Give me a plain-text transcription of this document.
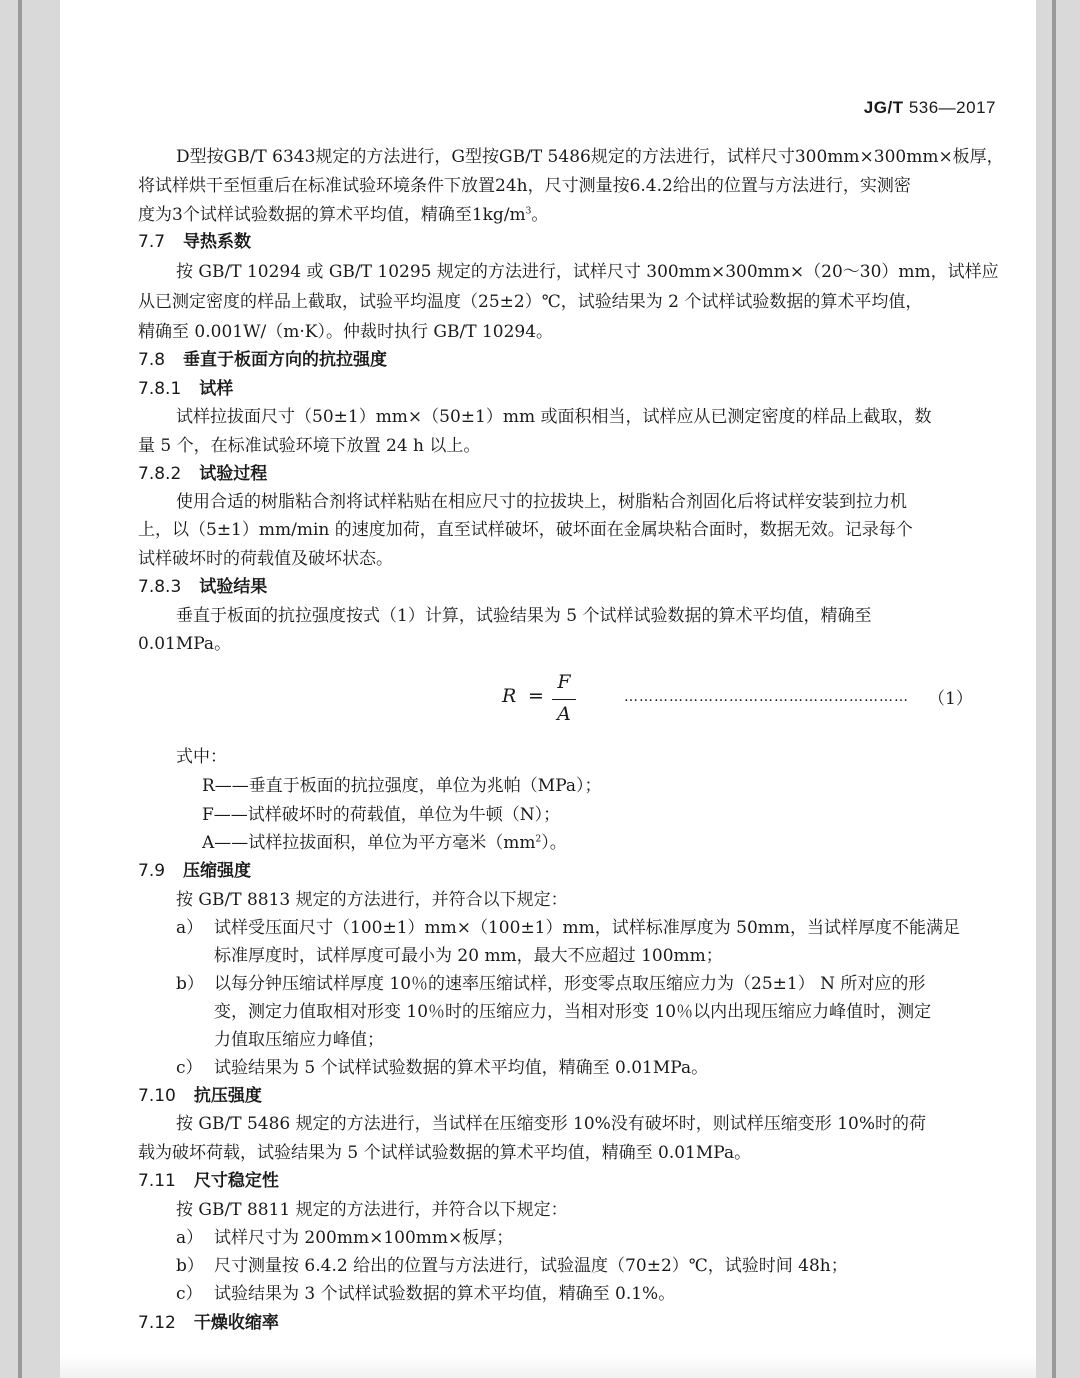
JG/T 536—2017
D型按GB/T 6343规定的方法进行，G型按GB/T 5486规定的方法进行，试样尺寸300mm×300mm×板厚，
将试样烘干至恒重后在标准试验环境条件下放置24h，尺寸测量按6.4.2给出的位置与方法进行，实测密
度为3个试样试验数据的算术平均值，精确至$1kg/m^3$。
7.7 导热系数
按 GB/T 10294 或 GB/T 10295 规定的方法进行，试样尺寸 300mm×300mm×（20～30）mm，试样应
从已测定密度的样品上截取，试验平均温度（25±2）℃，试验结果为 2 个试样试验数据的算术平均值，
精确至 0.001W/（m·K）。仲裁时执行 GB/T 10294。
7.8 垂直于板面方向的抗拉强度
7.8.1 试样
试样拉拔面尺寸（50±1）mm×（50±1）mm 或面积相当，试样应从已测定密度的样品上截取，数
量 5 个，在标准试验环境下放置 24 h 以上。
7.8.2 试验过程
使用合适的树脂粘合剂将试样粘贴在相应尺寸的拉拔块上，树脂粘合剂固化后将试样安装到拉力机
上，以（5±1）mm/min 的速度加荷，直至试样破坏，破坏面在金属块粘合面时，数据无效。记录每个
试样破坏时的荷载值及破坏状态。
7.8.3 试验结果
垂直于板面的抗拉强度按式（1）计算，试验结果为 5 个试样试验数据的算术平均值，精确至
0.01MPa。
R =
F
A
………………………………………………… （1）
式中：
R——垂直于板面的抗拉强度，单位为兆帕（MPa）；
F——试样破坏时的荷载值，单位为牛顿（N）；
A——试样拉拔面积，单位为平方毫米$(mm^2)$。
7.9 压缩强度
按 GB/T 8813 规定的方法进行，并符合以下规定：
a） 试样受压面尺寸（100±1）mm×（100±1）mm，试样标准厚度为 50mm，当试样厚度不能满足
标准厚度时，试样厚度可最小为 20 mm，最大不应超过 100mm；
b） 以每分钟压缩试样厚度 10％的速率压缩试样，形变零点取压缩应力为（25±1） N 所对应的形
变，测定力值取相对形变 10％时的压缩应力，当相对形变 10％以内出现压缩应力峰值时，测定
力值取压缩应力峰值；
c） 试验结果为 5 个试样试验数据的算术平均值，精确至 0.01MPa。
7.10 抗压强度
按 GB/T 5486 规定的方法进行，当试样在压缩变形 10%没有破坏时，则试样压缩变形 10%时的荷
载为破坏荷载，试验结果为 5 个试样试验数据的算术平均值，精确至 0.01MPa。
7.11 尺寸稳定性
按 GB/T 8811 规定的方法进行，并符合以下规定：
a） 试样尺寸为 200mm×100mm×板厚；
b） 尺寸测量按 6.4.2 给出的位置与方法进行，试验温度（70±2）℃，试验时间 48h；
c） 试验结果为 3 个试样试验数据的算术平均值，精确至 0.1%。
7.12 干燥收缩率
